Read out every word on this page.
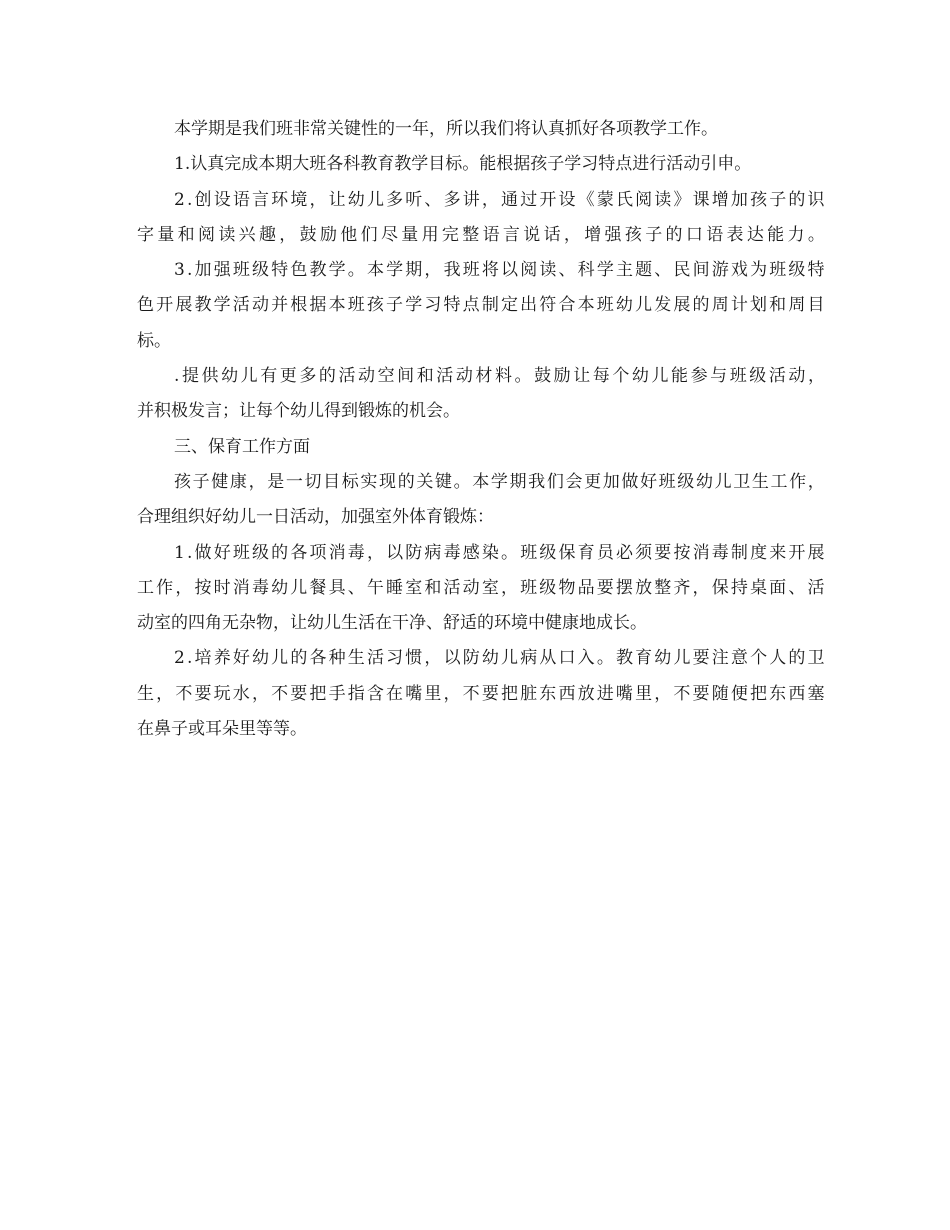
本学期是我们班非常关键性的一年，所以我们将认真抓好各项教学工作。
1.认真完成本期大班各科教育教学目标。能根据孩子学习特点进行活动引申。
2 . 创 设 语 言 环 境 ， 让 幼 儿 多 听 、 多 讲 ， 通 过 开 设 《 蒙 氏 阅 读 》 课 增 加 孩 子 的 识
字 量 和 阅 读 兴 趣 ， 鼓 励 他 们 尽 量 用 完 整 语 言 说 话 ， 增 强 孩 子 的 口 语 表 达 能 力 。
3 . 加 强 班 级 特 色 教 学 。 本 学 期 ， 我 班 将 以 阅 读 、 科 学 主 题 、 民 间 游 戏 为 班 级 特
色 开 展 教 学 活 动 并 根 据 本 班 孩 子 学 习 特 点 制 定 出 符 合 本 班 幼 儿 发 展 的 周 计 划 和 周 目
标。
. 提 供 幼 儿 有 更 多 的 活 动 空 间 和 活 动 材 料 。 鼓 励 让 每 个 幼 儿 能 参 与 班 级 活 动 ，
并积极发言；让每个幼儿得到锻炼的机会。
三、保育工作方面
孩 子 健 康 ， 是 一 切 目 标 实 现 的 关 键 。 本 学 期 我 们 会 更 加 做 好 班 级 幼 儿 卫 生 工 作 ，
合理组织好幼儿一日活动，加强室外体育锻炼：
1 . 做 好 班 级 的 各 项 消 毒 ， 以 防 病 毒 感 染 。 班 级 保 育 员 必 须 要 按 消 毒 制 度 来 开 展
工 作 ， 按 时 消 毒 幼 儿 餐 具 、 午 睡 室 和 活 动 室 ， 班 级 物 品 要 摆 放 整 齐 ， 保 持 桌 面 、 活
动室的四角无杂物，让幼儿生活在干净、舒适的环境中健康地成长。
2 . 培 养 好 幼 儿 的 各 种 生 活 习 惯 ， 以 防 幼 儿 病 从 口 入 。 教 育 幼 儿 要 注 意 个 人 的 卫
生 ， 不 要 玩 水 ， 不 要 把 手 指 含 在 嘴 里 ， 不 要 把 脏 东 西 放 进 嘴 里 ， 不 要 随 便 把 东 西 塞
在鼻子或耳朵里等等。
